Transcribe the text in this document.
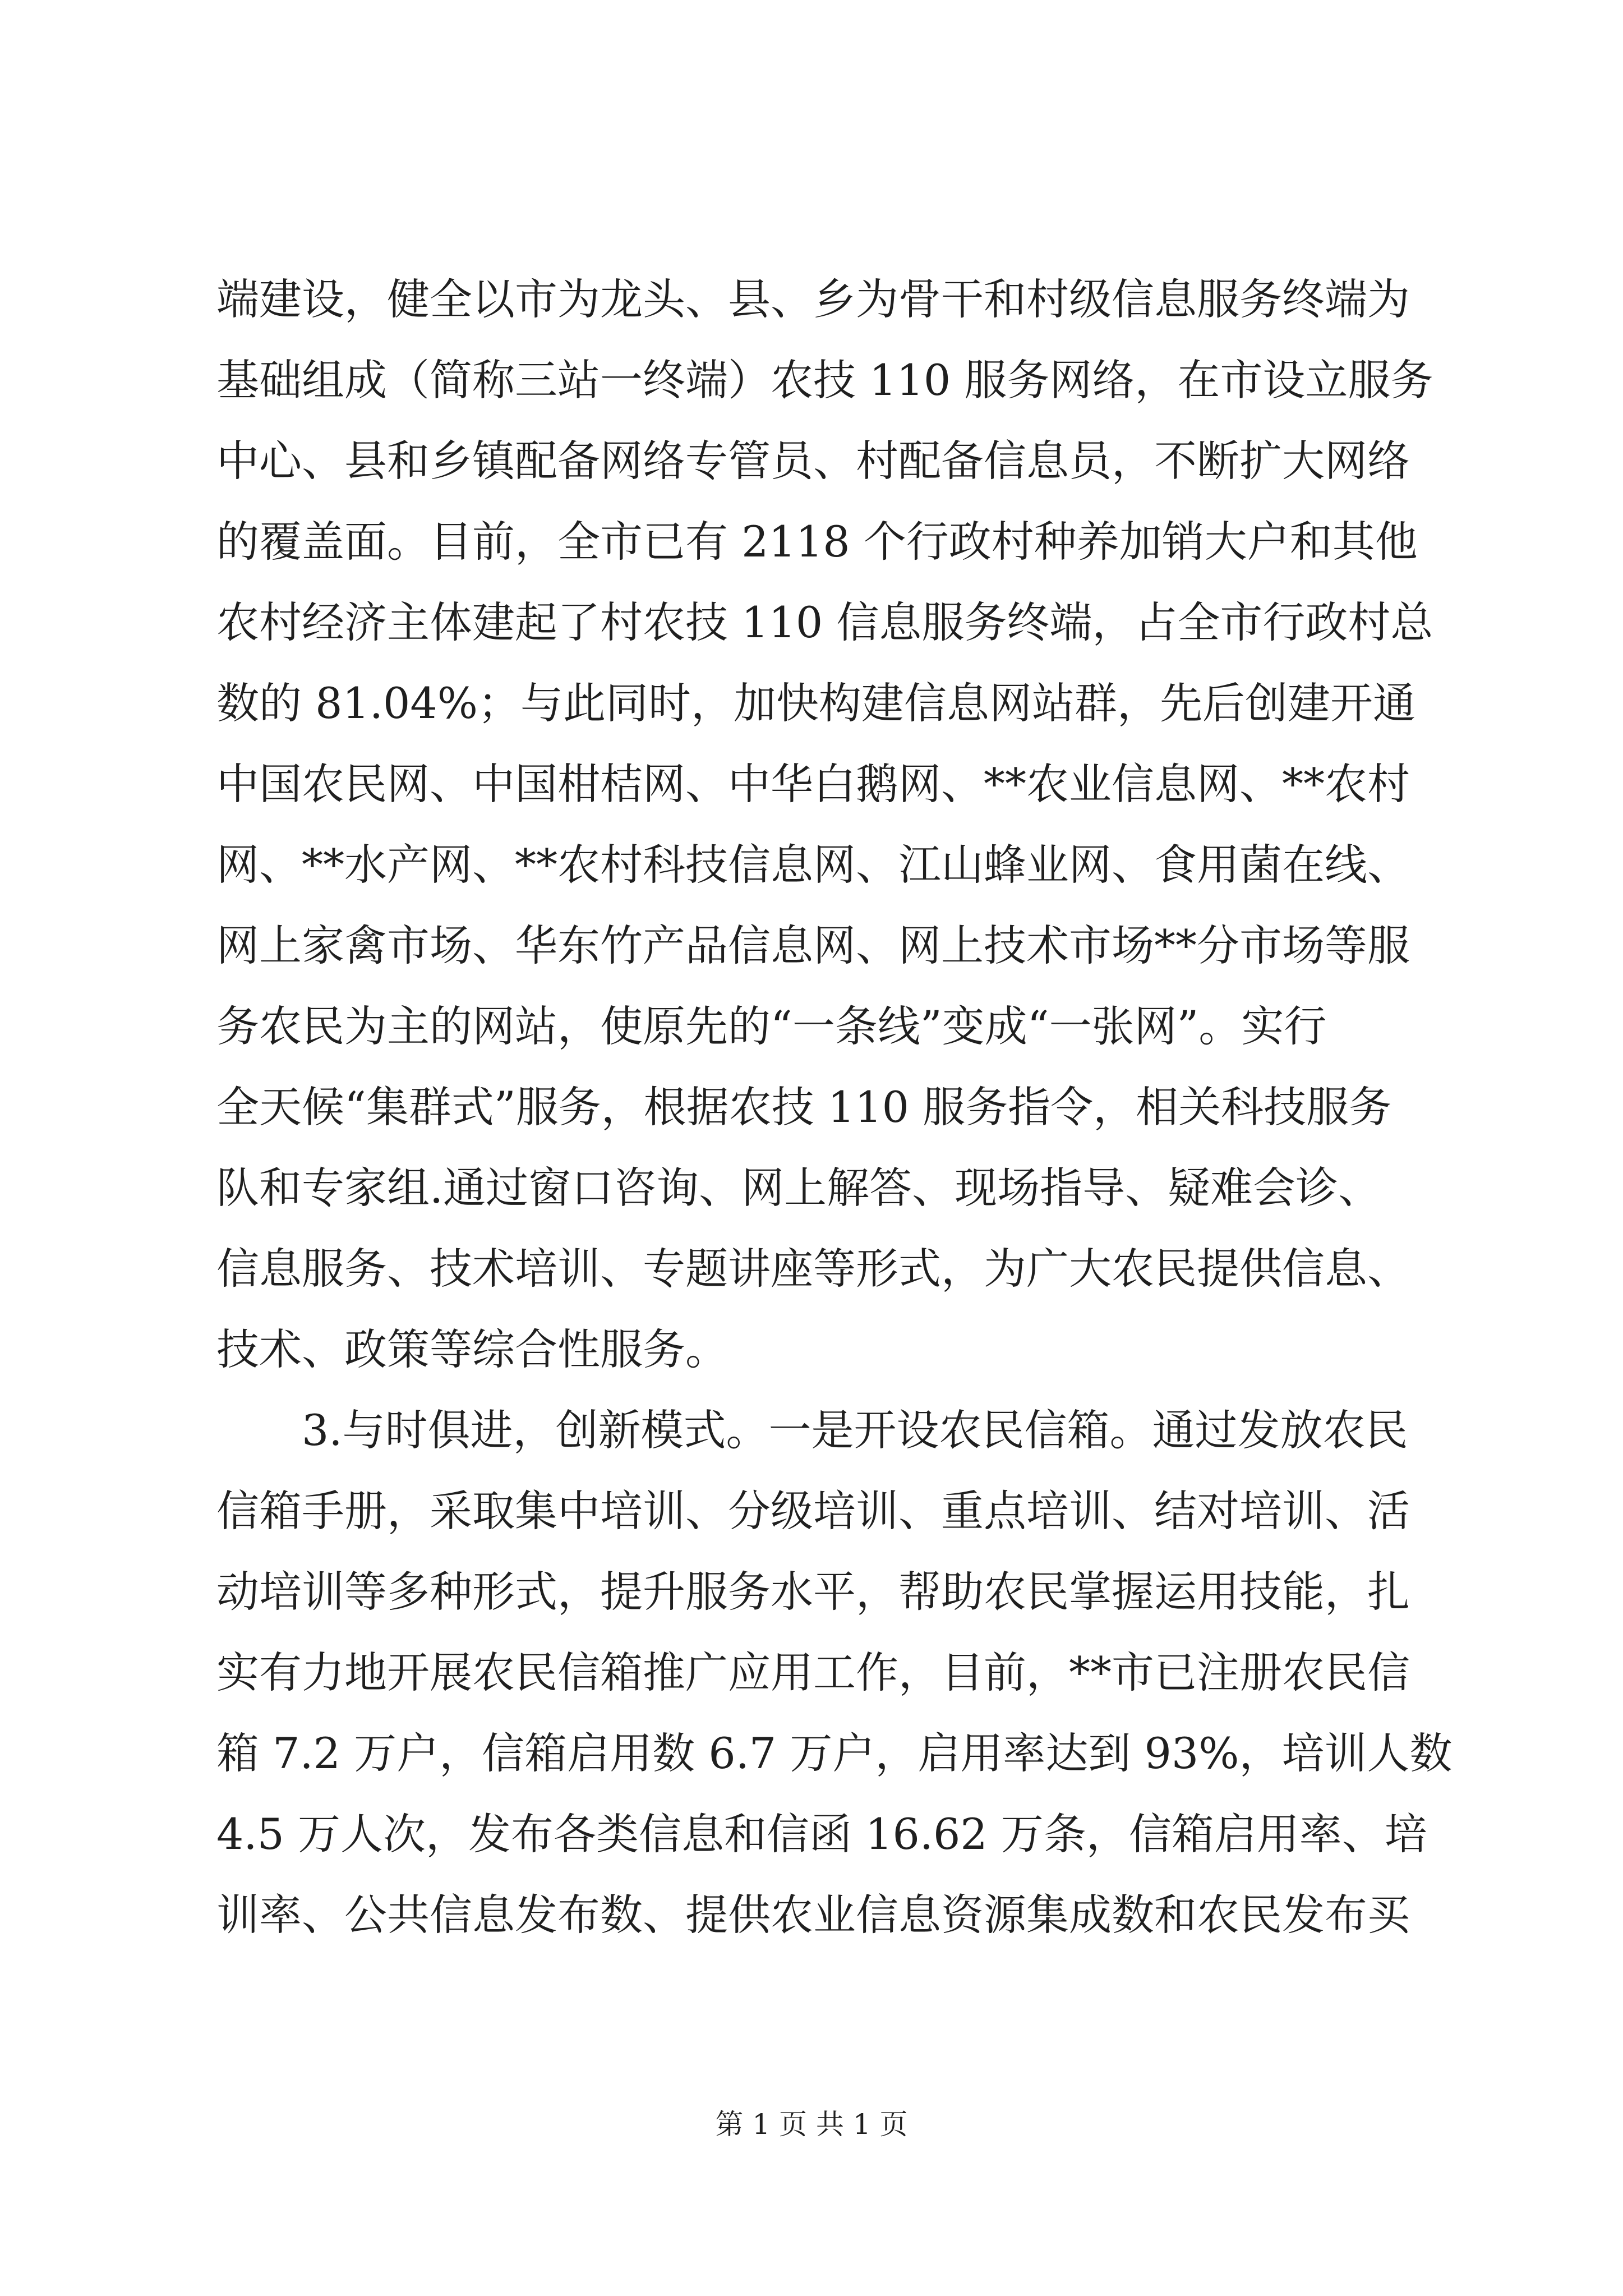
端建设，健全以市为龙头、县、乡为骨干和村级信息服务终端为
基础组成（简称三站一终端）农技 110 服务网络，在市设立服务
中心、县和乡镇配备网络专管员、村配备信息员，不断扩大网络
的覆盖面。目前，全市已有 2118 个行政村种养加销大户和其他
农村经济主体建起了村农技 110 信息服务终端，占全市行政村总
数的 81.04%；与此同时，加快构建信息网站群，先后创建开通
中国农民网、中国柑桔网、中华白鹅网、**农业信息网、**农村
网、**水产网、**农村科技信息网、江山蜂业网、食用菌在线、
网上家禽市场、华东竹产品信息网、网上技术市场**分市场等服
务农民为主的网站，使原先的“一条线”变成“一张网”。实行
全天候“集群式”服务，根据农技 110 服务指令，相关科技服务
队和专家组.通过窗口咨询、网上解答、现场指导、疑难会诊、
信息服务、技术培训、专题讲座等形式，为广大农民提供信息、
技术、政策等综合性服务。
3.与时俱进，创新模式。一是开设农民信箱。通过发放农民
信箱手册，采取集中培训、分级培训、重点培训、结对培训、活
动培训等多种形式，提升服务水平，帮助农民掌握运用技能，扎
实有力地开展农民信箱推广应用工作，目前，**市已注册农民信
箱 7.2 万户，信箱启用数 6.7 万户，启用率达到 93%，培训人数
4.5 万人次，发布各类信息和信函 16.62 万条，信箱启用率、培
训率、公共信息发布数、提供农业信息资源集成数和农民发布买
第 1 页 共 1 页
